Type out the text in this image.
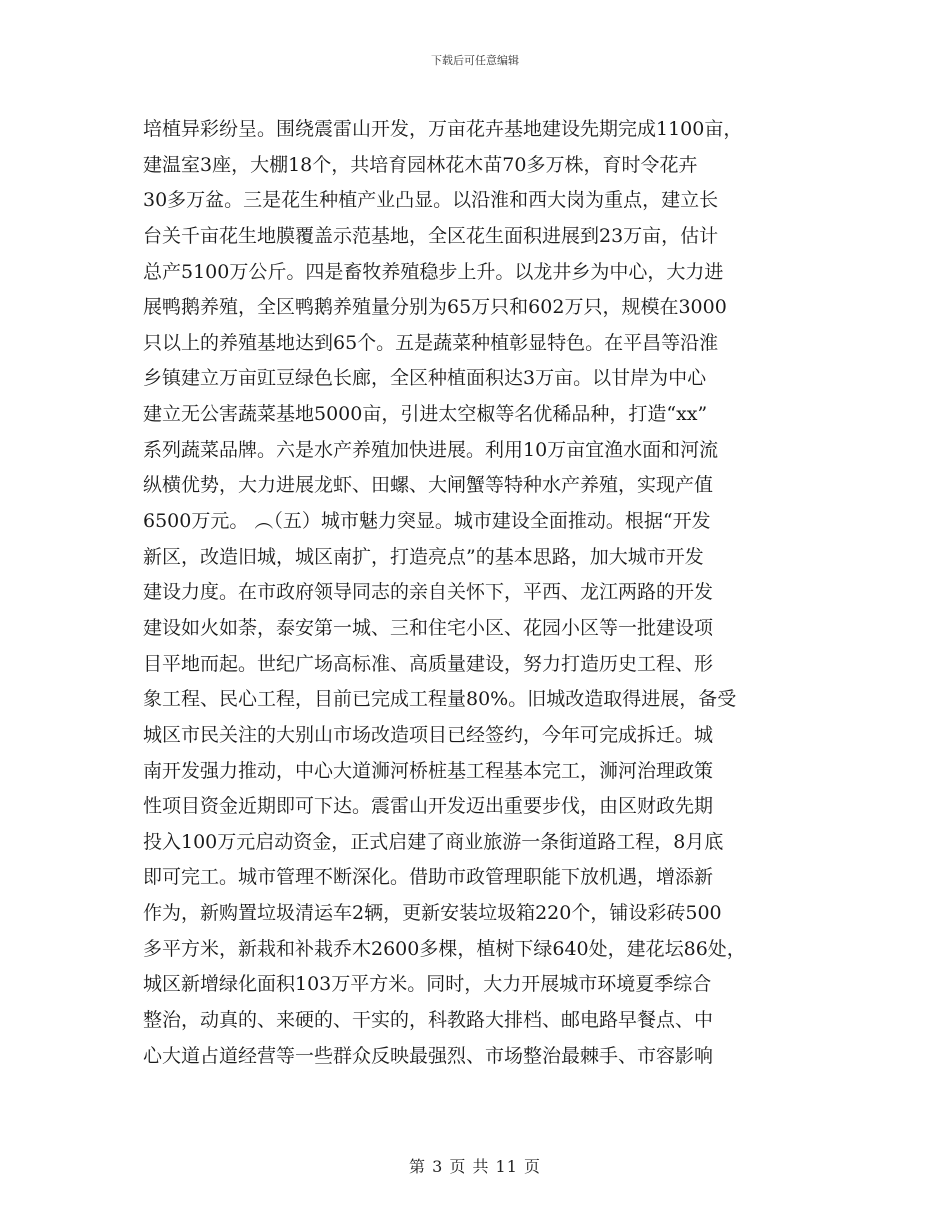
下载后可任意编辑
培植异彩纷呈。围绕震雷山开发，万亩花卉基地建设先期完成1100亩，
建温室3座，大棚18个，共培育园林花木苗70多万株，育时令花卉
30多万盆。三是花生种植产业凸显。以沿淮和西大岗为重点，建立长
台关千亩花生地膜覆盖示范基地，全区花生面积进展到23万亩，估计
总产5100万公斤。四是畜牧养殖稳步上升。以龙井乡为中心，大力进
展鸭鹅养殖，全区鸭鹅养殖量分别为65万只和602万只，规模在3000
只以上的养殖基地达到65个。五是蔬菜种植彰显特色。在平昌等沿淮
乡镇建立万亩豇豆绿色长廊，全区种植面积达3万亩。以甘岸为中心
建立无公害蔬菜基地5000亩，引进太空椒等名优稀品种，打造“xx”
系列蔬菜品牌。六是水产养殖加快进展。利用10万亩宜渔水面和河流
纵横优势，大力进展龙虾、田螺、大闸蟹等特种水产养殖，实现产值
6500万元。 ︵（五）城市魅力突显。城市建设全面推动。根据“开发
新区，改造旧城，城区南扩，打造亮点”的基本思路，加大城市开发
建设力度。在市政府领导同志的亲自关怀下，平西、龙江两路的开发
建设如火如荼，泰安第一城、三和住宅小区、花园小区等一批建设项
目平地而起。世纪广场高标准、高质量建设，努力打造历史工程、形
象工程、民心工程，目前已完成工程量80%。旧城改造取得进展，备受
城区市民关注的大别山市场改造项目已经签约，今年可完成拆迁。城
南开发强力推动，中心大道浉河桥桩基工程基本完工，浉河治理政策
性项目资金近期即可下达。震雷山开发迈出重要步伐，由区财政先期
投入100万元启动资金，正式启建了商业旅游一条街道路工程，8月底
即可完工。城市管理不断深化。借助市政管理职能下放机遇，增添新
作为，新购置垃圾清运车2辆，更新安装垃圾箱220个，铺设彩砖500
多平方米，新栽和补栽乔木2600多棵，植树下绿640处，建花坛86处，
城区新增绿化面积103万平方米。同时，大力开展城市环境夏季综合
整治，动真的、来硬的、干实的，科教路大排档、邮电路早餐点、中
心大道占道经营等一些群众反映最强烈、市场整治最棘手、市容影响
第 3 页 共 11 页
